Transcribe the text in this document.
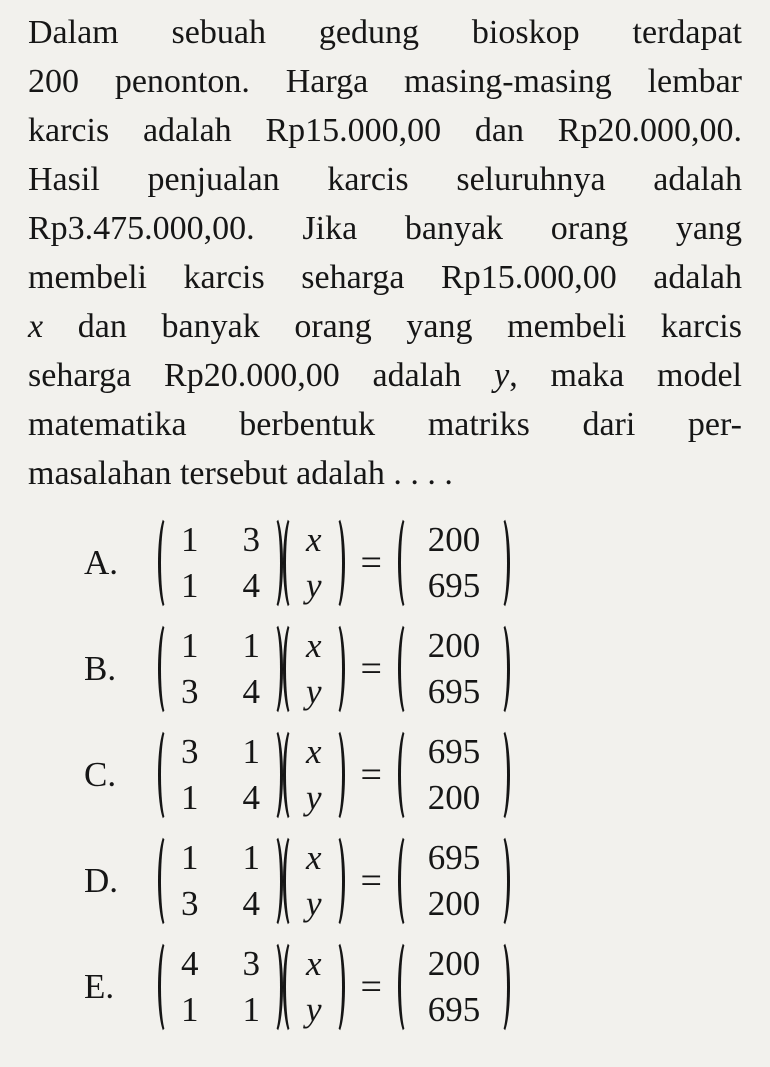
Dalam sebuah gedung bioskop terdapat
200 penonton. Harga masing-masing lembar
karcis adalah Rp15.000,00 dan Rp20.000,00.
Hasil penjualan karcis seluruhnya adalah
Rp3.475.000,00. Jika banyak orang yang
membeli karcis seharga Rp15.000,00 adalah
x dan banyak orang yang membeli karcis
seharga Rp20.000,00 adalah y, maka model
matematika berbentuk matriks dari per-
masalahan tersebut adalah . . . .
A.
1 3
1 4
x
y
=
200
695
B.
1 1
3 4
x
y
=
200
695
C.
3 1
1 4
x
y
=
695
200
D.
1 1
3 4
x
y
=
695
200
E.
4 3
1 1
x
y
=
200
695
